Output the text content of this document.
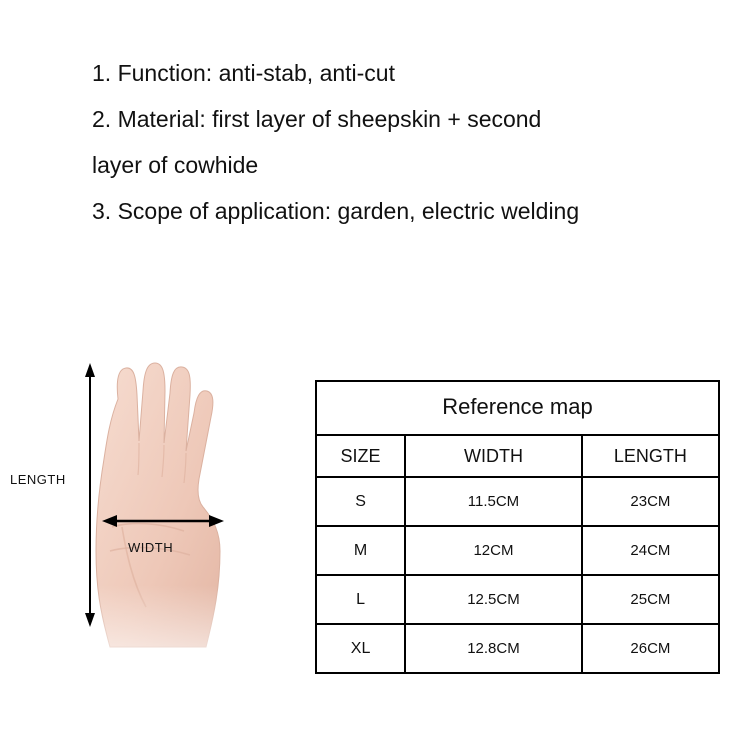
1. Function: anti-stab, anti-cut
2. Material: first layer of sheepskin + second
layer of cowhide
3. Scope of application: garden, electric welding
LENGTH
WIDTH
Reference map		
SIZE	WIDTH	LENGTH
S	11.5CM	23CM
M	12CM	24CM
L	12.5CM	25CM
XL	12.8CM	26CM
